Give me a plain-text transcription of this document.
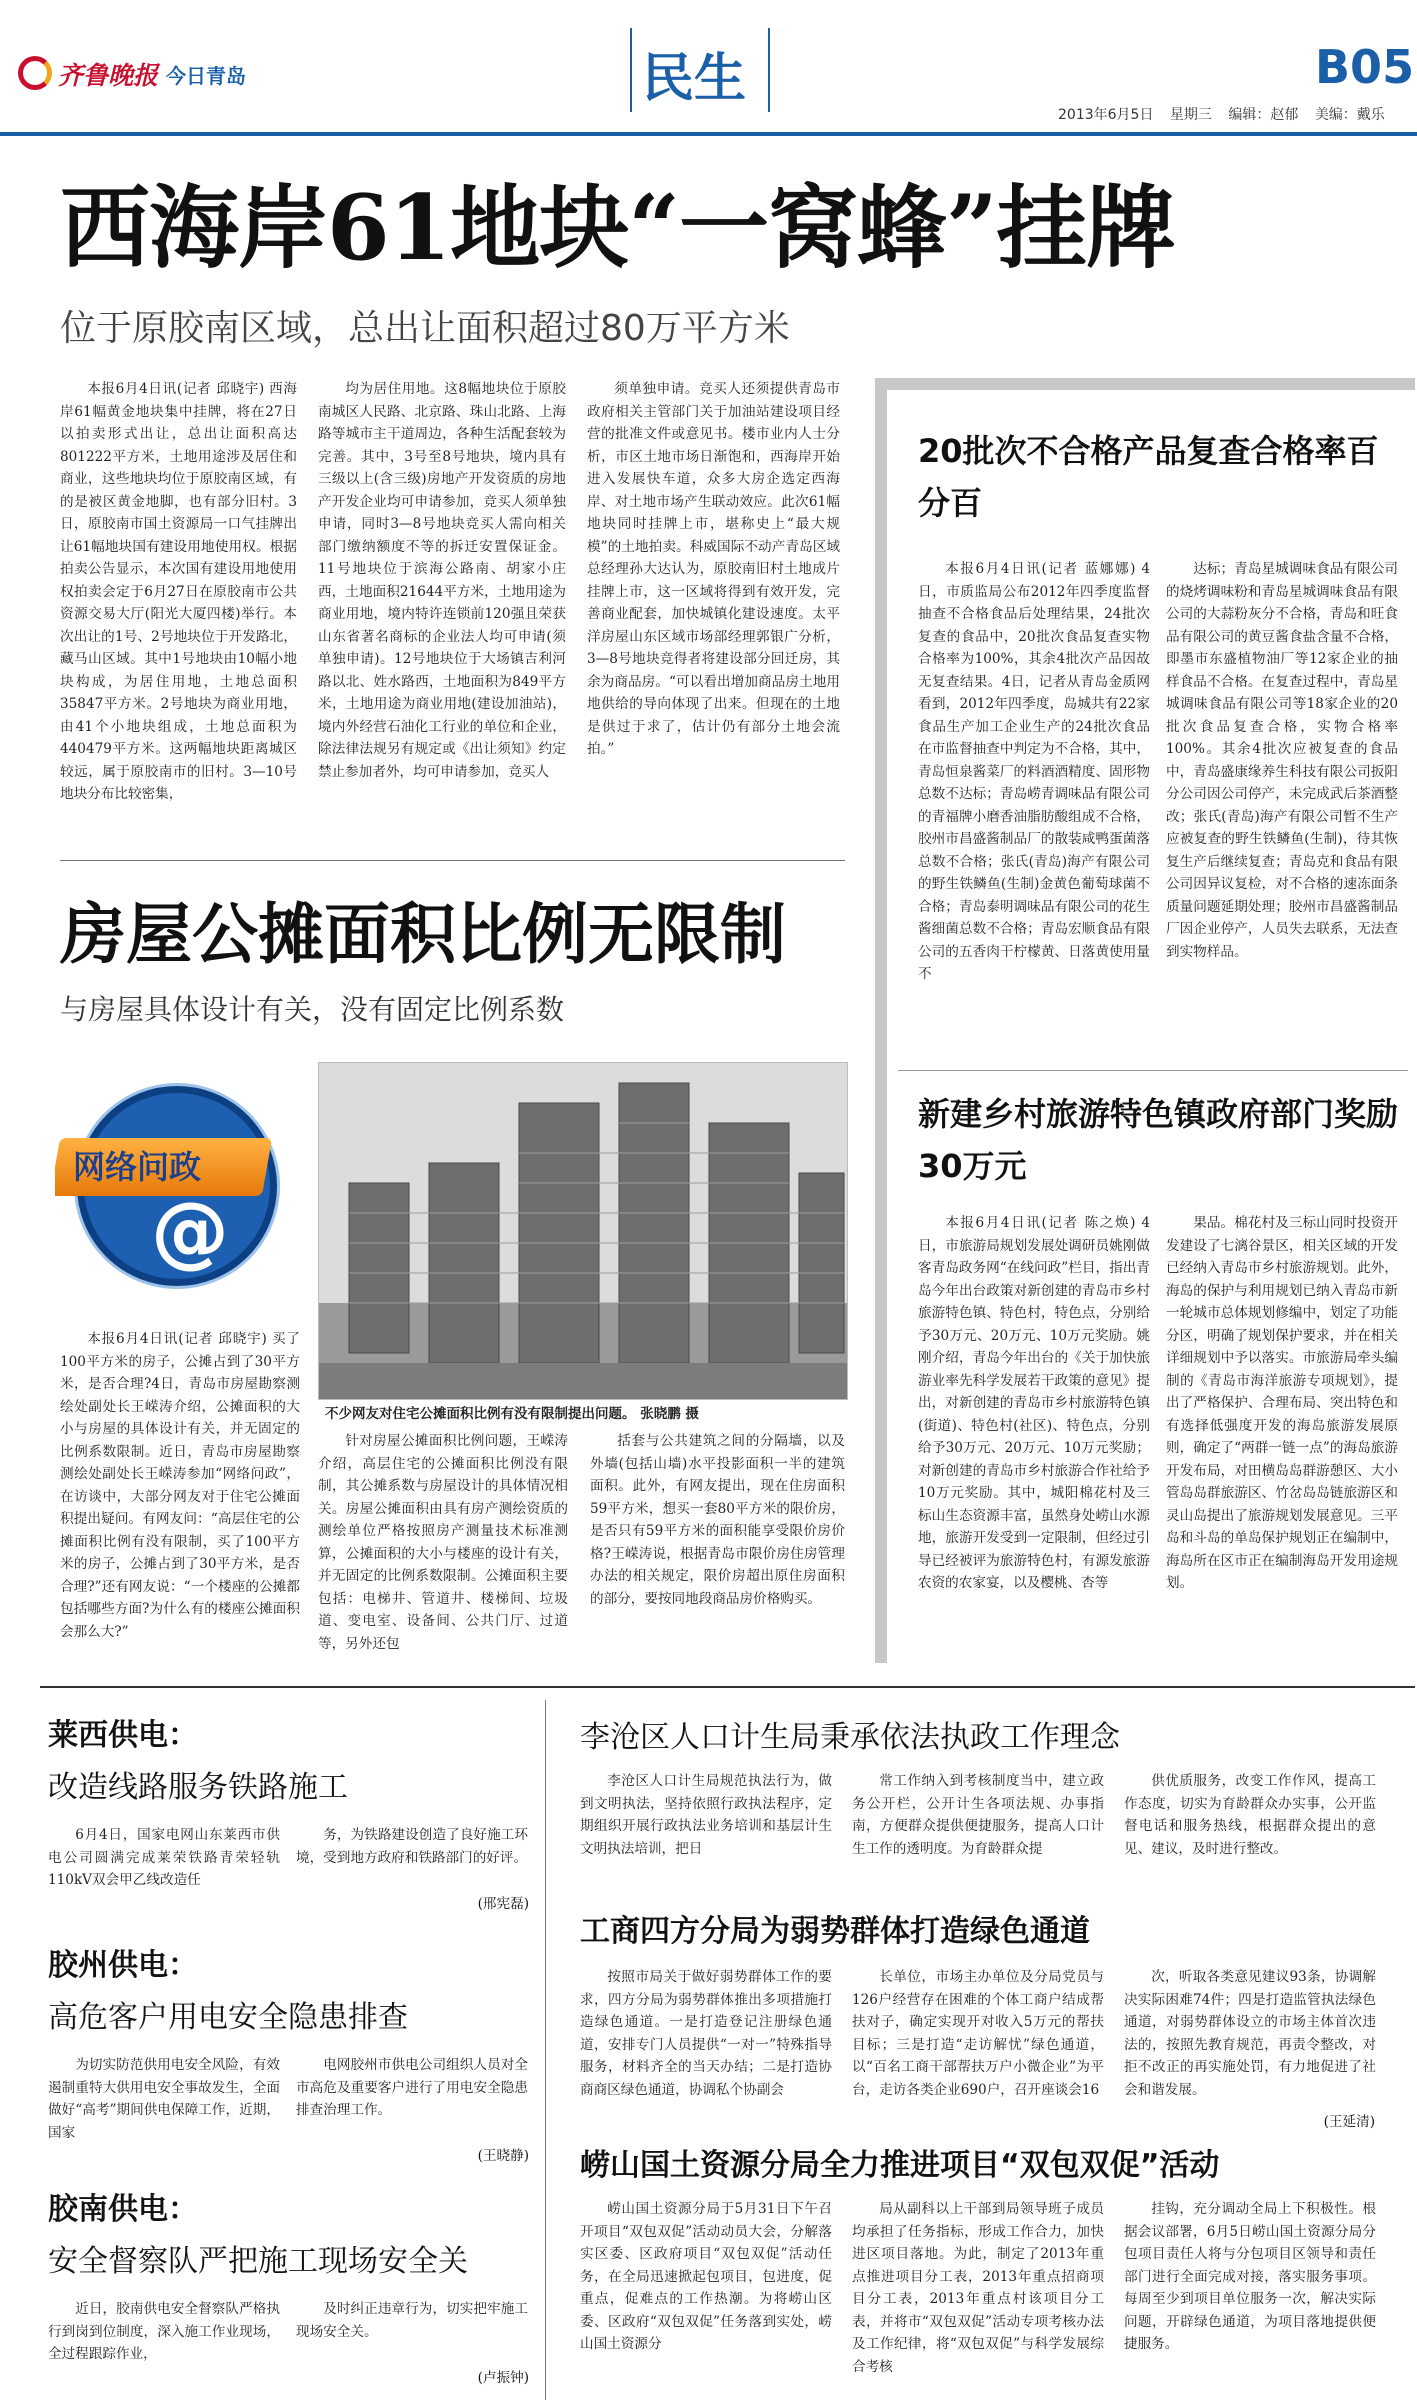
齐鲁晚报 今日青岛	民生	B05
2013年6月5日 星期三 编辑：赵郁 美编：戴乐
西海岸61地块“一窝蜂”挂牌
位于原胶南区域，总出让面积超过80万平方米

本报6月4日讯(记者 邱晓宇) 西海岸61幅黄金地块集中挂牌，将在27日以拍卖形式出让，总出让面积高达801222平方米，土地用途涉及居住和商业，这些地块均位于原胶南区域，有的是被区黄金地脚，也有部分旧村。3日，原胶南市国土资源局一口气挂牌出让61幅地块国有建设用地使用权。根据拍卖公告显示，本次国有建设用地使用权拍卖会定于6月27日在原胶南市公共资源交易大厅(阳光大厦四楼)举行。本次出让的1号、2号地块位于开发路北，藏马山区域。其中1号地块由10幅小地块构成，为居住用地，土地总面积35847平方米。2号地块为商业用地，由41个小地块组成，土地总面积为440479平方米。这两幅地块距离城区较远，属于原胶南市的旧村。3—10号地块分布比较密集，

均为居住用地。这8幅地块位于原胶南城区人民路、北京路、珠山北路、上海路等城市主干道周边，各种生活配套较为完善。其中，3号至8号地块，境内具有三级以上(含三级)房地产开发资质的房地产开发企业均可申请参加，竞买人须单独申请，同时3—8号地块竞买人需向相关部门缴纳额度不等的拆迁安置保证金。11号地块位于滨海公路南、胡家小庄西，土地面积21644平方米，土地用途为商业用地，境内特许连锁前120强且荣获山东省著名商标的企业法人均可申请(须单独申请)。12号地块位于大场镇吉利河路以北、姓水路西，土地面积为849平方米，土地用途为商业用地(建设加油站)，境内外经营石油化工行业的单位和企业，除法律法规另有规定或《出让须知》约定禁止参加者外，均可申请参加，竞买人

须单独申请。竞买人还须提供青岛市政府相关主管部门关于加油站建设项目经营的批准文件或意见书。楼市业内人士分析，市区土地市场日渐饱和，西海岸开始进入发展快车道，众多大房企选定西海岸、对土地市场产生联动效应。此次61幅地块同时挂牌上市，堪称史上“最大规模”的土地拍卖。科威国际不动产青岛区域总经理孙大达认为，原胶南旧村土地成片挂牌上市，这一区域将得到有效开发，完善商业配套，加快城镇化建设速度。太平洋房屋山东区域市场部经理郭银广分析，3—8号地块竞得者将建设部分回迁房，其余为商品房。“可以看出增加商品房土地用地供给的导向体现了出来。但现在的土地是供过于求了，估计仍有部分土地会流拍。”

20批次不合格产品复查合格率百分百

本报6月4日讯(记者 蓝娜娜) 4日，市质监局公布2012年四季度监督抽查不合格食品后处理结果，24批次复查的食品中，20批次食品复查实物合格率为100%，其余4批次产品因故无复查结果。4日，记者从青岛金质网看到，2012年四季度，岛城共有22家食品生产加工企业生产的24批次食品在市监督抽查中判定为不合格，其中，青岛恒泉酱菜厂的料酒酒精度、固形物总数不达标；青岛崂青调味品有限公司的青福牌小磨香油脂肪酸组成不合格，胶州市昌盛酱制品厂的散装咸鸭蛋菌落总数不合格；张氏(青岛)海产有限公司的野生铁鳞鱼(生制)金黄色葡萄球菌不合格；青岛泰明调味品有限公司的花生酱细菌总数不合格；青岛宏顺食品有限公司的五香肉干柠檬黄、日落黄使用量不

达标；青岛星城调味食品有限公司的烧烤调味粉和青岛星城调味食品有限公司的大蒜粉灰分不合格，青岛和旺食品有限公司的黄豆酱食盐含量不合格，即墨市东盛植物油厂等12家企业的抽样食品不合格。在复查过程中，青岛星城调味食品有限公司等18家企业的20批次食品复查合格，实物合格率100%。其余4批次应被复查的食品中，青岛盛康缘养生科技有限公司扳阳分公司因公司停产，未完成武后茶酒整改；张氏(青岛)海产有限公司暂不生产应被复查的野生铁鳞鱼(生制)，待其恢复生产后继续复查；青岛克和食品有限公司因异议复检，对不合格的速冻面条质量问题延期处理；胶州市昌盛酱制品厂因企业停产，人员失去联系，无法查到实物样品。

新建乡村旅游特色镇政府部门奖励30万元

本报6月4日讯(记者 陈之焕) 4日，市旅游局规划发展处调研员姚刚做客青岛政务网“在线问政”栏目，指出青岛今年出台政策对新创建的青岛市乡村旅游特色镇、特色村，特色点，分别给予30万元、20万元、10万元奖励。姚刚介绍，青岛今年出台的《关于加快旅游业率先科学发展若干政策的意见》提出，对新创建的青岛市乡村旅游特色镇(街道)、特色村(社区)、特色点，分别给予30万元、20万元、10万元奖励；对新创建的青岛市乡村旅游合作社给予10万元奖励。其中，城阳棉花村及三标山生态资源丰富，虽然身处崂山水源地，旅游开发受到一定限制，但经过引导已经被评为旅游特色村，有源发旅游农资的农家宴，以及樱桃、杏等

果品。棉花村及三标山同时投资开发建设了七漓谷景区，相关区域的开发已经纳入青岛市乡村旅游规划。此外，海岛的保护与利用规划已纳入青岛市新一轮城市总体规划修编中，划定了功能分区，明确了规划保护要求，并在相关详细规划中予以落实。市旅游局牵头编制的《青岛市海洋旅游专项规划》，提出了严格保护、合理布局、突出特色和有选择低强度开发的海岛旅游发展原则，确定了“两群一链一点”的海岛旅游开发布局，对田横岛岛群游憩区、大小管岛岛群旅游区、竹岔岛岛链旅游区和灵山岛提出了旅游规划发展意见。三平岛和斗岛的单岛保护规划正在编制中，海岛所在区市正在编制海岛开发用途规划。

房屋公摊面积比例无限制
与房屋具体设计有关，没有固定比例系数
网络问政
@
不少网友对住宅公摊面积比例有没有限制提出问题。 张晓鹏 摄

本报6月4日讯(记者 邱晓宇) 买了100平方米的房子，公摊占到了30平方米，是否合理?4日，青岛市房屋勘察测绘处副处长王嵘涛介绍，公摊面积的大小与房屋的具体设计有关，并无固定的比例系数限制。近日，青岛市房屋勘察测绘处副处长王嵘涛参加“网络问政”，在访谈中，大部分网友对于住宅公摊面积提出疑问。有网友问：“高层住宅的公摊面积比例有没有限制，买了100平方米的房子，公摊占到了30平方米，是否合理?”还有网友说：“一个楼座的公摊都包括哪些方面?为什么有的楼座公摊面积会那么大?”

针对房屋公摊面积比例问题，王嵘涛介绍，高层住宅的公摊面积比例没有限制，其公摊系数与房屋设计的具体情况相关。房屋公摊面积由具有房产测绘资质的测绘单位严格按照房产测量技术标准测算，公摊面积的大小与楼座的设计有关，并无固定的比例系数限制。公摊面积主要包括：电梯井、管道井、楼梯间、垃圾道、变电室、设备间、公共门厅、过道等，另外还包

括套与公共建筑之间的分隔墙，以及外墙(包括山墙)水平投影面积一半的建筑面积。此外，有网友提出，现在住房面积59平方米，想买一套80平方米的限价房，是否只有59平方米的面积能享受限价房价格?王嵘涛说，根据青岛市限价房住房管理办法的相关规定，限价房超出原住房面积的部分，要按同地段商品房价格购买。

莱西供电：
改造线路服务铁路施工

6月4日，国家电网山东莱西市供电公司圆满完成莱荣铁路青荣轻轨110kV双会甲乙线改造任

务，为铁路建设创造了良好施工环境，受到地方政府和铁路部门的好评。

(邢宪磊)
胶州供电：
高危客户用电安全隐患排查

为切实防范供用电安全风险，有效遏制重特大供用电安全事故发生，全面做好“高考”期间供电保障工作，近期，国家

电网胶州市供电公司组织人员对全市高危及重要客户进行了用电安全隐患排查治理工作。

(王晓静)
胶南供电：
安全督察队严把施工现场安全关

近日，胶南供电安全督察队严格执行到岗到位制度，深入施工作业现场，全过程跟踪作业，

及时纠正违章行为，切实把牢施工现场安全关。

(卢振钟)
李沧区人口计生局秉承依法执政工作理念

李沧区人口计生局规范执法行为，做到文明执法，坚持依照行政执法程序，定期组织开展行政执法业务培训和基层计生文明执法培训，把日

常工作纳入到考核制度当中，建立政务公开栏，公开计生各项法规、办事指南，方便群众提供便捷服务，提高人口计生工作的透明度。为育龄群众提

供优质服务，改变工作作风，提高工作态度，切实为育龄群众办实事，公开监督电话和服务热线，根据群众提出的意见、建议，及时进行整改。

工商四方分局为弱势群体打造绿色通道

按照市局关于做好弱势群体工作的要求，四方分局为弱势群体推出多项措施打造绿色通道。一是打造登记注册绿色通道，安排专门人员提供“一对一”特殊指导服务，材料齐全的当天办结；二是打造协商商区绿色通道，协调私个协副会

长单位，市场主办单位及分局党员与126户经营存在困难的个体工商户结成帮扶对子，确定实现开对收入5万元的帮扶目标；三是打造“走访解忧”绿色通道，以“百名工商干部帮扶万户小微企业”为平台，走访各类企业690户，召开座谈会16

次，听取各类意见建议93条，协调解决实际困难74件；四是打造监管执法绿色通道，对弱势群体设立的市场主体首次违法的，按照先教育规范，再责令整改，对拒不改正的再实施处罚，有力地促进了社会和谐发展。

(王延清)
崂山国土资源分局全力推进项目“双包双促”活动

崂山国土资源分局于5月31日下午召开项目“双包双促”活动动员大会，分解落实区委、区政府项目“双包双促”活动任务，在全局迅速掀起包项目，包进度，促重点，促难点的工作热潮。为将崂山区委、区政府“双包双促”任务落到实处，崂山国土资源分

局从副科以上干部到局领导班子成员均承担了任务指标，形成工作合力，加快进区项目落地。为此，制定了2013年重点推进项目分工表，2013年重点招商项目分工表，2013年重点村该项目分工表，并将市“双包双促”活动专项考核办法及工作纪律，将“双包双促”与科学发展综合考核

挂钩，充分调动全局上下积极性。根据会议部署，6月5日崂山国土资源分局分包项目责任人将与分包项目区领导和责任部门进行全面完成对接，落实服务事项。每周至少到项目单位服务一次，解决实际问题，开辟绿色通道，为项目落地提供便捷服务。
